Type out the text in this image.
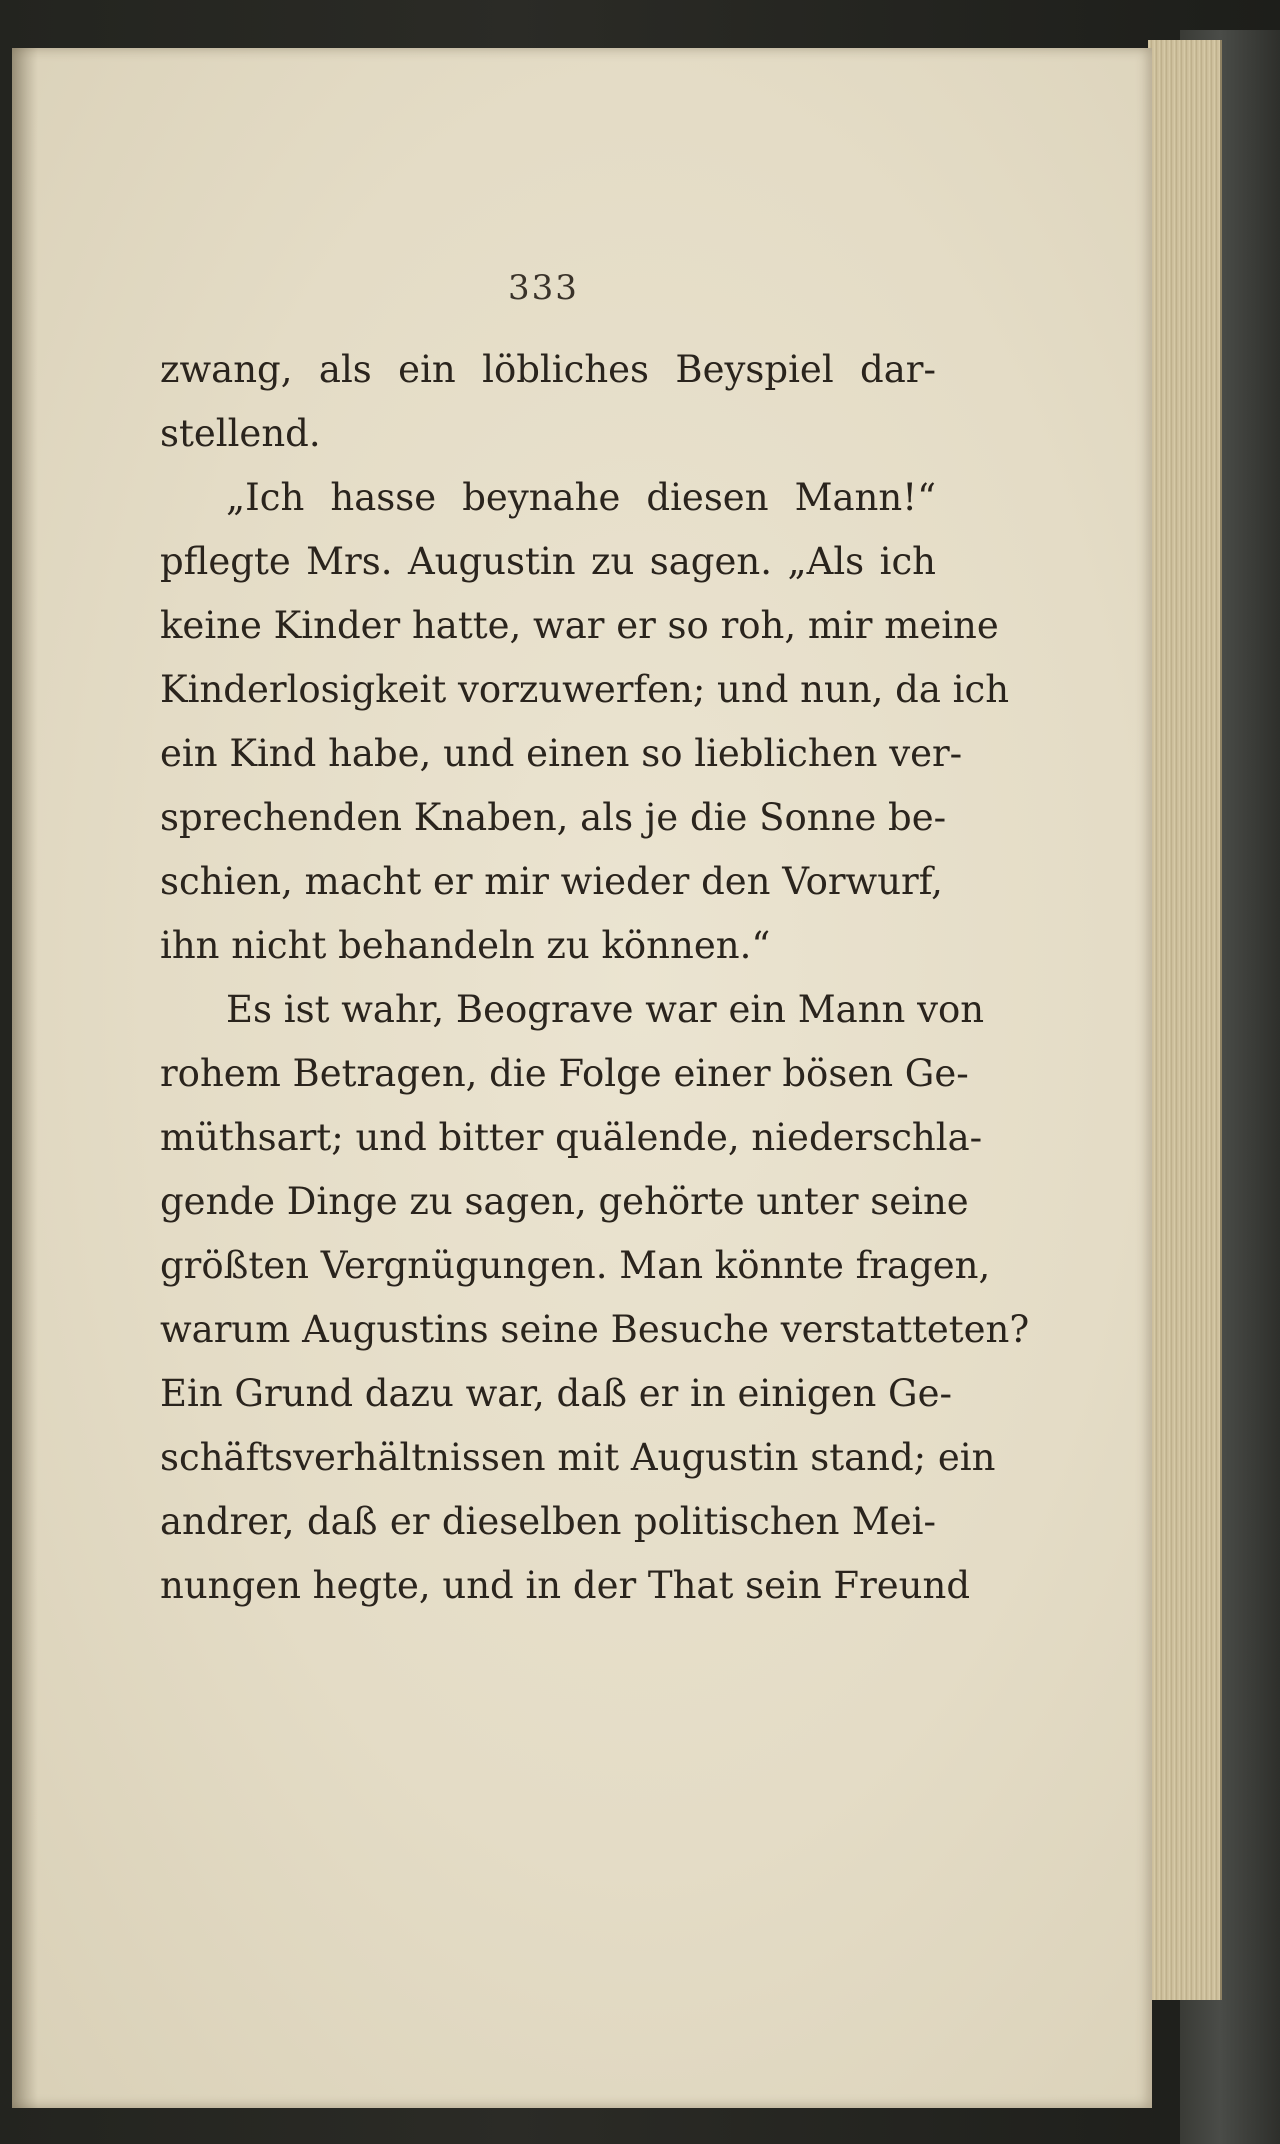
333
zwang, als ein löbliches Beyspiel dar-
stellend.
„Ich hasse beynahe diesen Mann!“
pflegte Mrs. Augustin zu sagen. „Als ich
keine Kinder hatte, war er so roh, mir meine
Kinderlosigkeit vorzuwerfen; und nun, da ich
ein Kind habe, und einen so lieblichen ver-
sprechenden Knaben, als je die Sonne be-
schien, macht er mir wieder den Vorwurf,
ihn nicht behandeln zu können.“
Es ist wahr, Beograve war ein Mann von
rohem Betragen, die Folge einer bösen Ge-
müthsart; und bitter quälende, niederschla-
gende Dinge zu sagen, gehörte unter seine
größten Vergnügungen. Man könnte fragen,
warum Augustins seine Besuche verstatteten?
Ein Grund dazu war, daß er in einigen Ge-
schäftsverhältnissen mit Augustin stand; ein
andrer, daß er dieselben politischen Mei-
nungen hegte, und in der That sein Freund
